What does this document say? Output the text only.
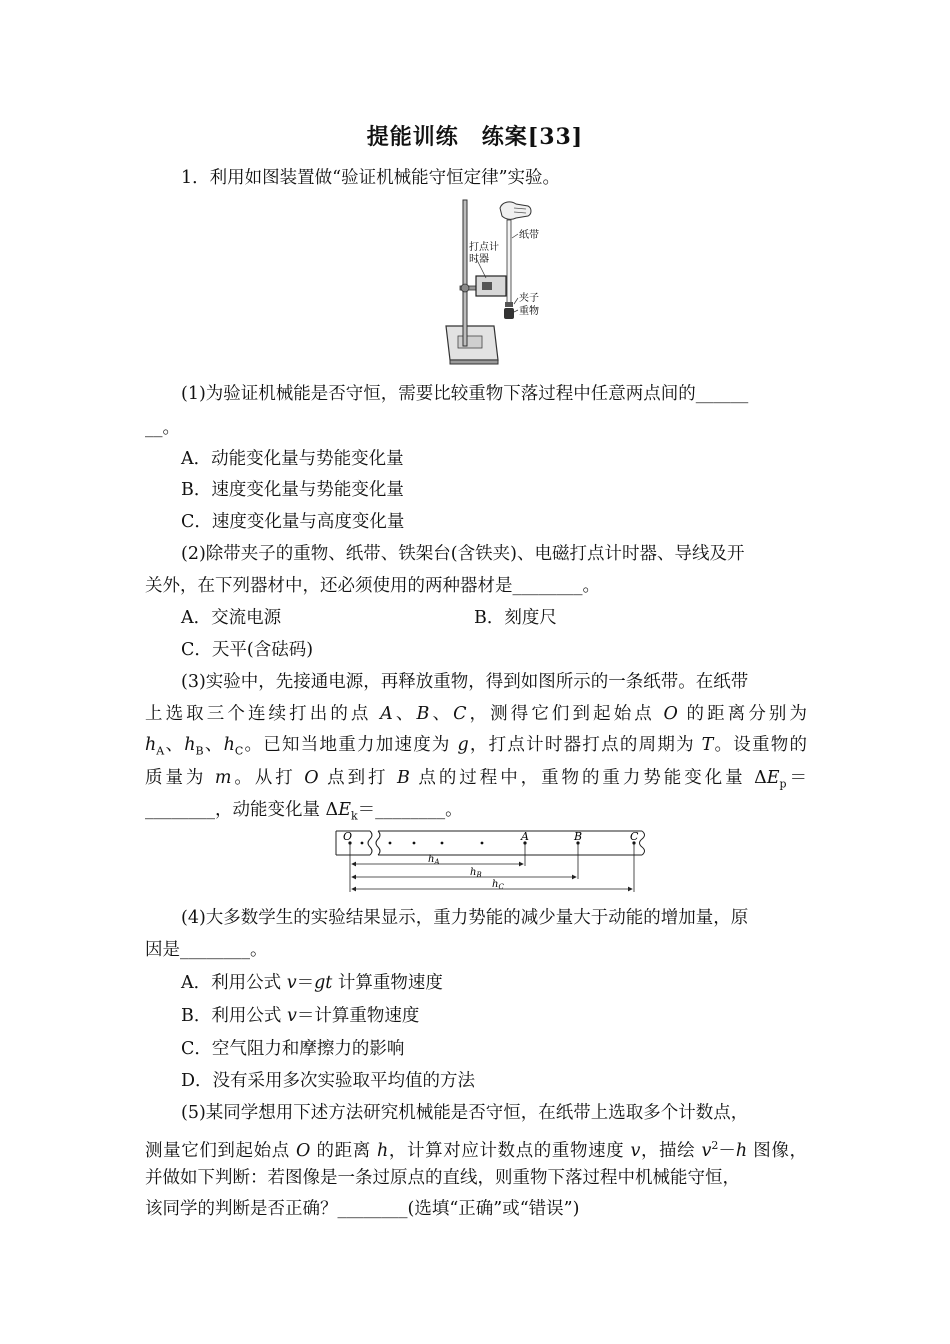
提能训练　练案[33]
1．利用如图装置做“验证机械能守恒定律”实验。
纸带
打点计
时器
夹子
重物
(1)为验证机械能是否守恒，需要比较重物下落过程中任意两点间的______
__。
A．动能变化量与势能变化量
B．速度变化量与势能变化量
C．速度变化量与高度变化量
(2)除带夹子的重物、纸带、铁架台(含铁夹)、电磁打点计时器、导线及开
关外，在下列器材中，还必须使用的两种器材是________。
A．交流电源	B．刻度尺
C．天平(含砝码)
(3)实验中，先接通电源，再释放重物，得到如图所示的一条纸带。在纸带
上选取三个连续打出的点 A、B、C，测得它们到起始点 O 的距离分别为
$h_A$、$h_B$、$h_C$。已知当地重力加速度为 g，打点计时器打点的周期为 T。设重物的
质量为 m。从打 O 点到打 B 点的过程中，重物的重力势能变化量 $\Delta E_p=$
________，动能变化量 $\Delta E_k=\_\_\_\_\_\_\_\_$。
O	A	B	C
$h_A$
$h_B$
$h_C$
(4)大多数学生的实验结果显示，重力势能的减少量大于动能的增加量，原
因是________。
A．利用公式 v＝gt 计算重物速度
B．利用公式 v＝计算重物速度
C．空气阻力和摩擦力的影响
D．没有采用多次实验取平均值的方法
(5)某同学想用下述方法研究机械能是否守恒，在纸带上选取多个计数点，
测量它们到起始点 O 的距离 h，计算对应计数点的重物速度 v，描绘 $v^2-h$ 图像，
并做如下判断：若图像是一条过原点的直线，则重物下落过程中机械能守恒，
该同学的判断是否正确？________(选填“正确”或“错误”)
